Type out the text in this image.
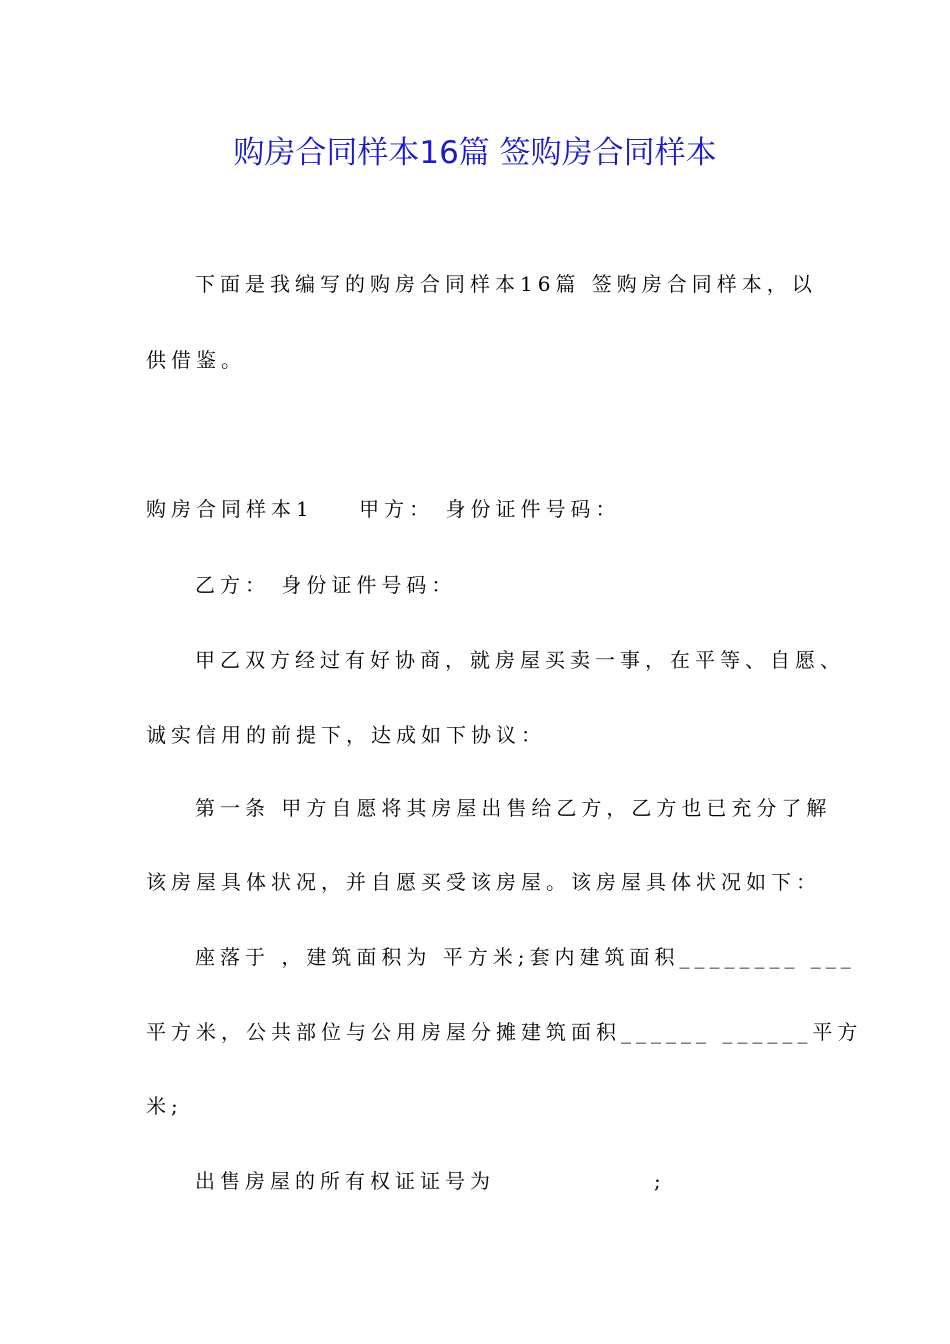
购房合同样本16篇 签购房合同样本
下面是我编写的购房合同样本16篇 签购房合同样本，以
供借鉴。
购房合同样本1    甲方： 身份证件号码：
乙方： 身份证件号码：
甲乙双方经过有好协商，就房屋买卖一事，在平等、自愿、
诚实信用的前提下，达成如下协议：
第一条 甲方自愿将其房屋出售给乙方，乙方也已充分了解
该房屋具体状况，并自愿买受该房屋。该房屋具体状况如下：
座落于 ，建筑面积为 平方米;套内建筑面积________ ___
平方米，公共部位与公用房屋分摊建筑面积______ ______平方
米;
出售房屋的所有权证证号为              ;
